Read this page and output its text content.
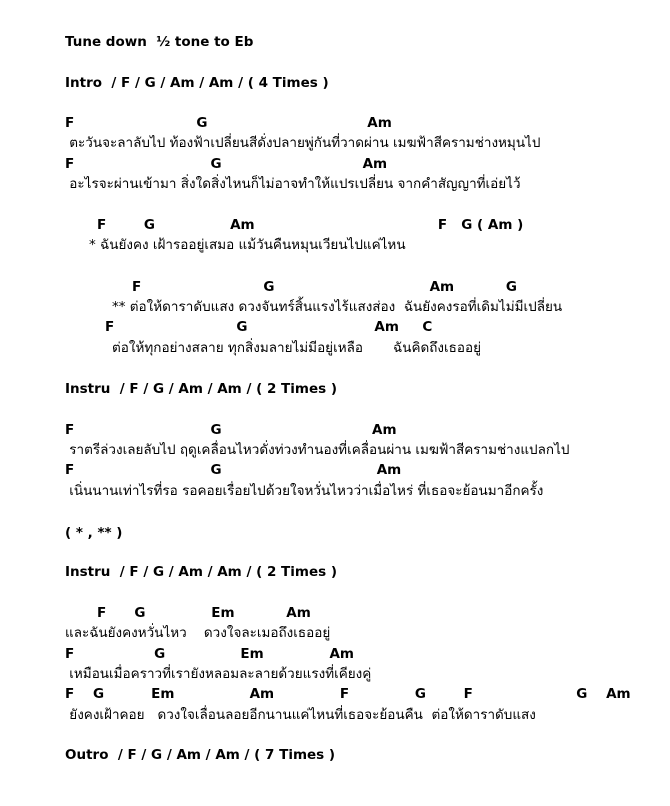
Tune down  ½ tone to Eb
Intro  / F / G / Am / Am / ( 4 Times )
F                          G                                  Am
ตะวันจะลาลับไป ท้องฟ้าเปลี่ยนสีดั่งปลายพู่กันที่วาดผ่าน เมฆฟ้าสีครามช่างหมุนไป
F                             G                              Am
อะไรจะผ่านเข้ามา สิ่งใดสิ่งไหนก็ไม่อาจทำให้แปรเปลี่ยน จากคำสัญญาที่เอ่ยไว้
F        G                Am                                       F   G ( Am )
* ฉันยังคง เฝ้ารออยู่เสมอ แม้วันคืนหมุนเวียนไปแค่ไหน
F                          G                                 Am           G
** ต่อให้ดาราดับแสง ดวงจันทร์สิ้นแรงไร้แสงส่อง  ฉันยังคงรอที่เดิมไม่มีเปลี่ยน
F                          G                           Am     C
ต่อให้ทุกอย่างสลาย ทุกสิ่งมลายไม่มีอยู่เหลือ       ฉันคิดถึงเธออยู่
Instru  / F / G / Am / Am / ( 2 Times )
F                             G                                Am
ราตรีล่วงเลยลับไป ฤดูเคลื่อนไหวดั่งท่วงทำนองที่เคลื่อนผ่าน เมฆฟ้าสีครามช่างแปลกไป
F                             G                                 Am
เนิ่นนานเท่าไรที่รอ รอคอยเรื่อยไปด้วยใจหวั่นไหวว่าเมื่อไหร่ ที่เธอจะย้อนมาอีกครั้ง
( * , ** )
Instru  / F / G / Am / Am / ( 2 Times )
F      G              Em           Am
และฉันยังคงหวั่นไหว    ดวงใจละเมอถึงเธออยู่
F                 G                Em              Am
เหมือนเมื่อคราวที่เรายังหลอมละลายด้วยแรงที่เคียงคู่
F    G          Em                Am              F              G        F                      G    Am
ยังคงเฝ้าคอย   ดวงใจเลื่อนลอยอีกนานแค่ไหนที่เธอจะย้อนคืน  ต่อให้ดาราดับแสง
Outro  / F / G / Am / Am / ( 7 Times )
